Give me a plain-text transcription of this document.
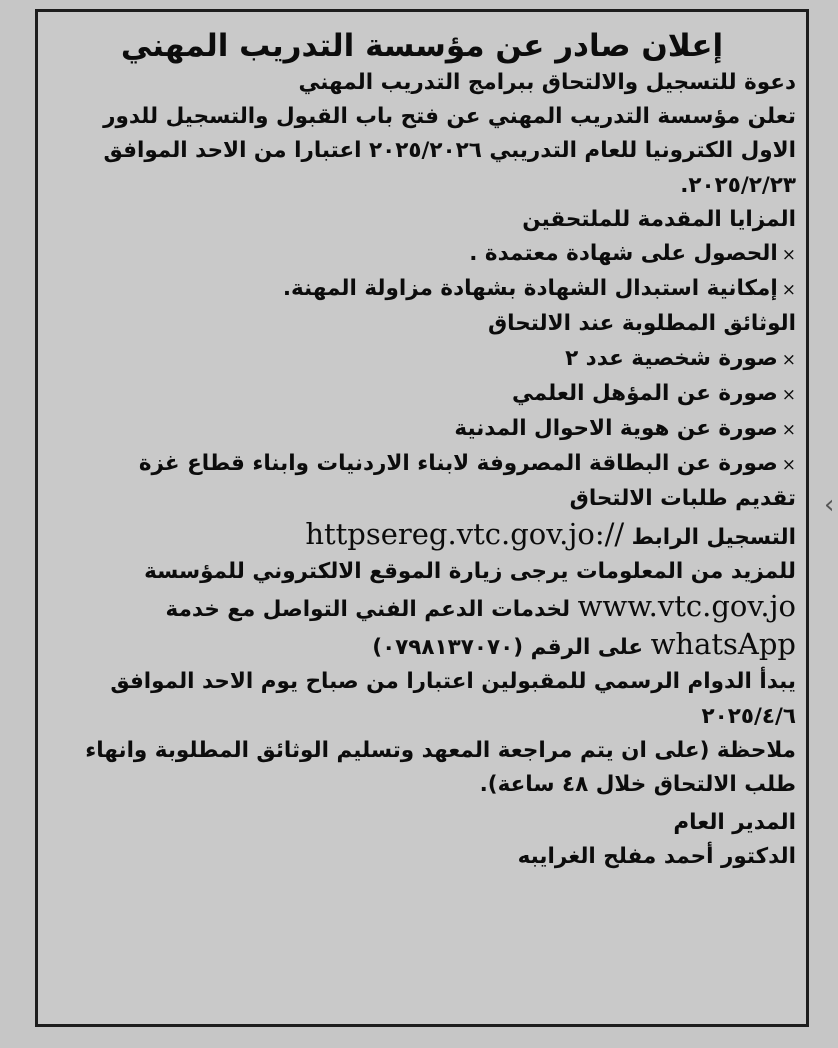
إعلان صادر عن مؤسسة التدريب المهني

دعوة للتسجيل والالتحاق ببرامج التدريب المهني

تعلن مؤسسة التدريب المهني عن فتح باب القبول والتسجيل للدور الاول الكترونيا للعام التدريبي ٢٠٢٥/٢٠٢٦ اعتبارا من الاحد الموافق ٢٠٢٥/٢/٢٣.

المزايا المقدمة للملتحقين

×الحصول على شهادة معتمدة .

×إمكانية استبدال الشهادة بشهادة مزاولة المهنة.

الوثائق المطلوبة عند الالتحاق

×صورة شخصية عدد ٢

×صورة عن المؤهل العلمي

×صورة عن هوية الاحوال المدنية

×صورة عن البطاقة المصروفة لابناء الاردنيات وابناء قطاع غزة

تقديم طلبات الالتحاق

التسجيل الرابط httpsereg.vtc.gov.jo://

للمزيد من المعلومات يرجى زيارة الموقع الالكتروني للمؤسسة www.vtc.gov.jo لخدمات الدعم الفني التواصل مع خدمة whatsApp على الرقم (٠٧٩٨١٣٧٠٧٠)

يبدأ الدوام الرسمي للمقبولين اعتبارا من صباح يوم الاحد الموافق ٢٠٢٥/٤/٦

ملاحظة (على ان يتم مراجعة المعهد وتسليم الوثائق المطلوبة وانهاء طلب الالتحاق خلال ٤٨ ساعة).

المدير العام

الدكتور أحمد مفلح الغرايبه

‹
